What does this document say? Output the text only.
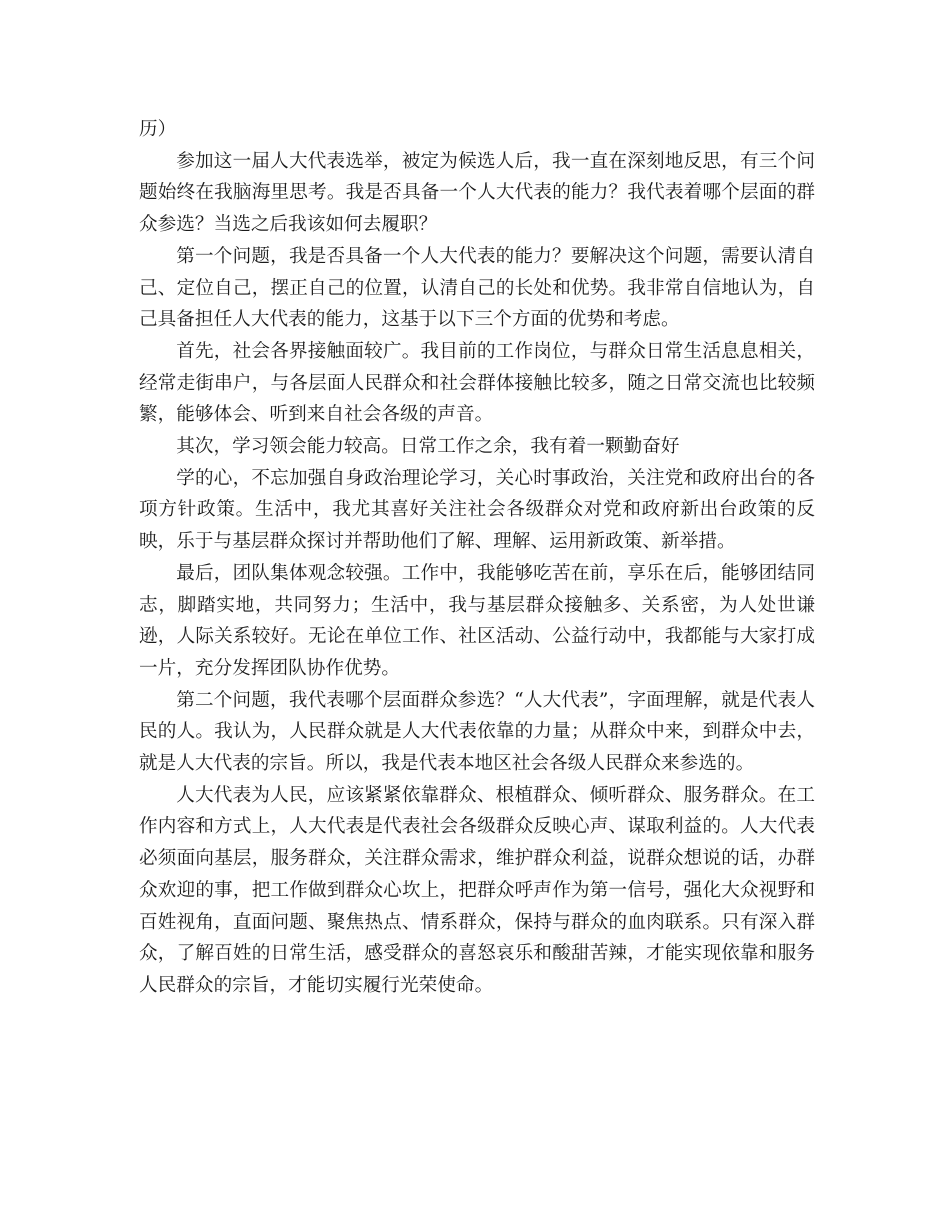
历）

参加这一届人大代表选举，被定为候选人后，我一直在深刻地反思，有三个问题始终在我脑海里思考。我是否具备一个人大代表的能力？我代表着哪个层面的群众参选？当选之后我该如何去履职？

第一个问题，我是否具备一个人大代表的能力？要解决这个问题，需要认清自己、定位自己，摆正自己的位置，认清自己的长处和优势。我非常自信地认为，自己具备担任人大代表的能力，这基于以下三个方面的优势和考虑。

首先，社会各界接触面较广。我目前的工作岗位，与群众日常生活息息相关，经常走街串户，与各层面人民群众和社会群体接触比较多，随之日常交流也比较频繁，能够体会、听到来自社会各级的声音。

其次，学习领会能力较高。日常工作之余，我有着一颗勤奋好

学的心，不忘加强自身政治理论学习，关心时事政治，关注党和政府出台的各项方针政策。生活中，我尤其喜好关注社会各级群众对党和政府新出台政策的反映，乐于与基层群众探讨并帮助他们了解、理解、运用新政策、新举措。

最后，团队集体观念较强。工作中，我能够吃苦在前，享乐在后，能够团结同志，脚踏实地，共同努力；生活中，我与基层群众接触多、关系密，为人处世谦逊，人际关系较好。无论在单位工作、社区活动、公益行动中，我都能与大家打成一片，充分发挥团队协作优势。

第二个问题，我代表哪个层面群众参选？“人大代表”，字面理解，就是代表人民的人。我认为，人民群众就是人大代表依靠的力量；从群众中来，到群众中去，就是人大代表的宗旨。所以，我是代表本地区社会各级人民群众来参选的。

人大代表为人民，应该紧紧依靠群众、根植群众、倾听群众、服务群众。在工作内容和方式上，人大代表是代表社会各级群众反映心声、谋取利益的。人大代表必须面向基层，服务群众，关注群众需求，维护群众利益，说群众想说的话，办群众欢迎的事，把工作做到群众心坎上，把群众呼声作为第一信号，强化大众视野和百姓视角，直面问题、聚焦热点、情系群众，保持与群众的血肉联系。只有深入群众，了解百姓的日常生活，感受群众的喜怒哀乐和酸甜苦辣，才能实现依靠和服务人民群众的宗旨，才能切实履行光荣使命。
